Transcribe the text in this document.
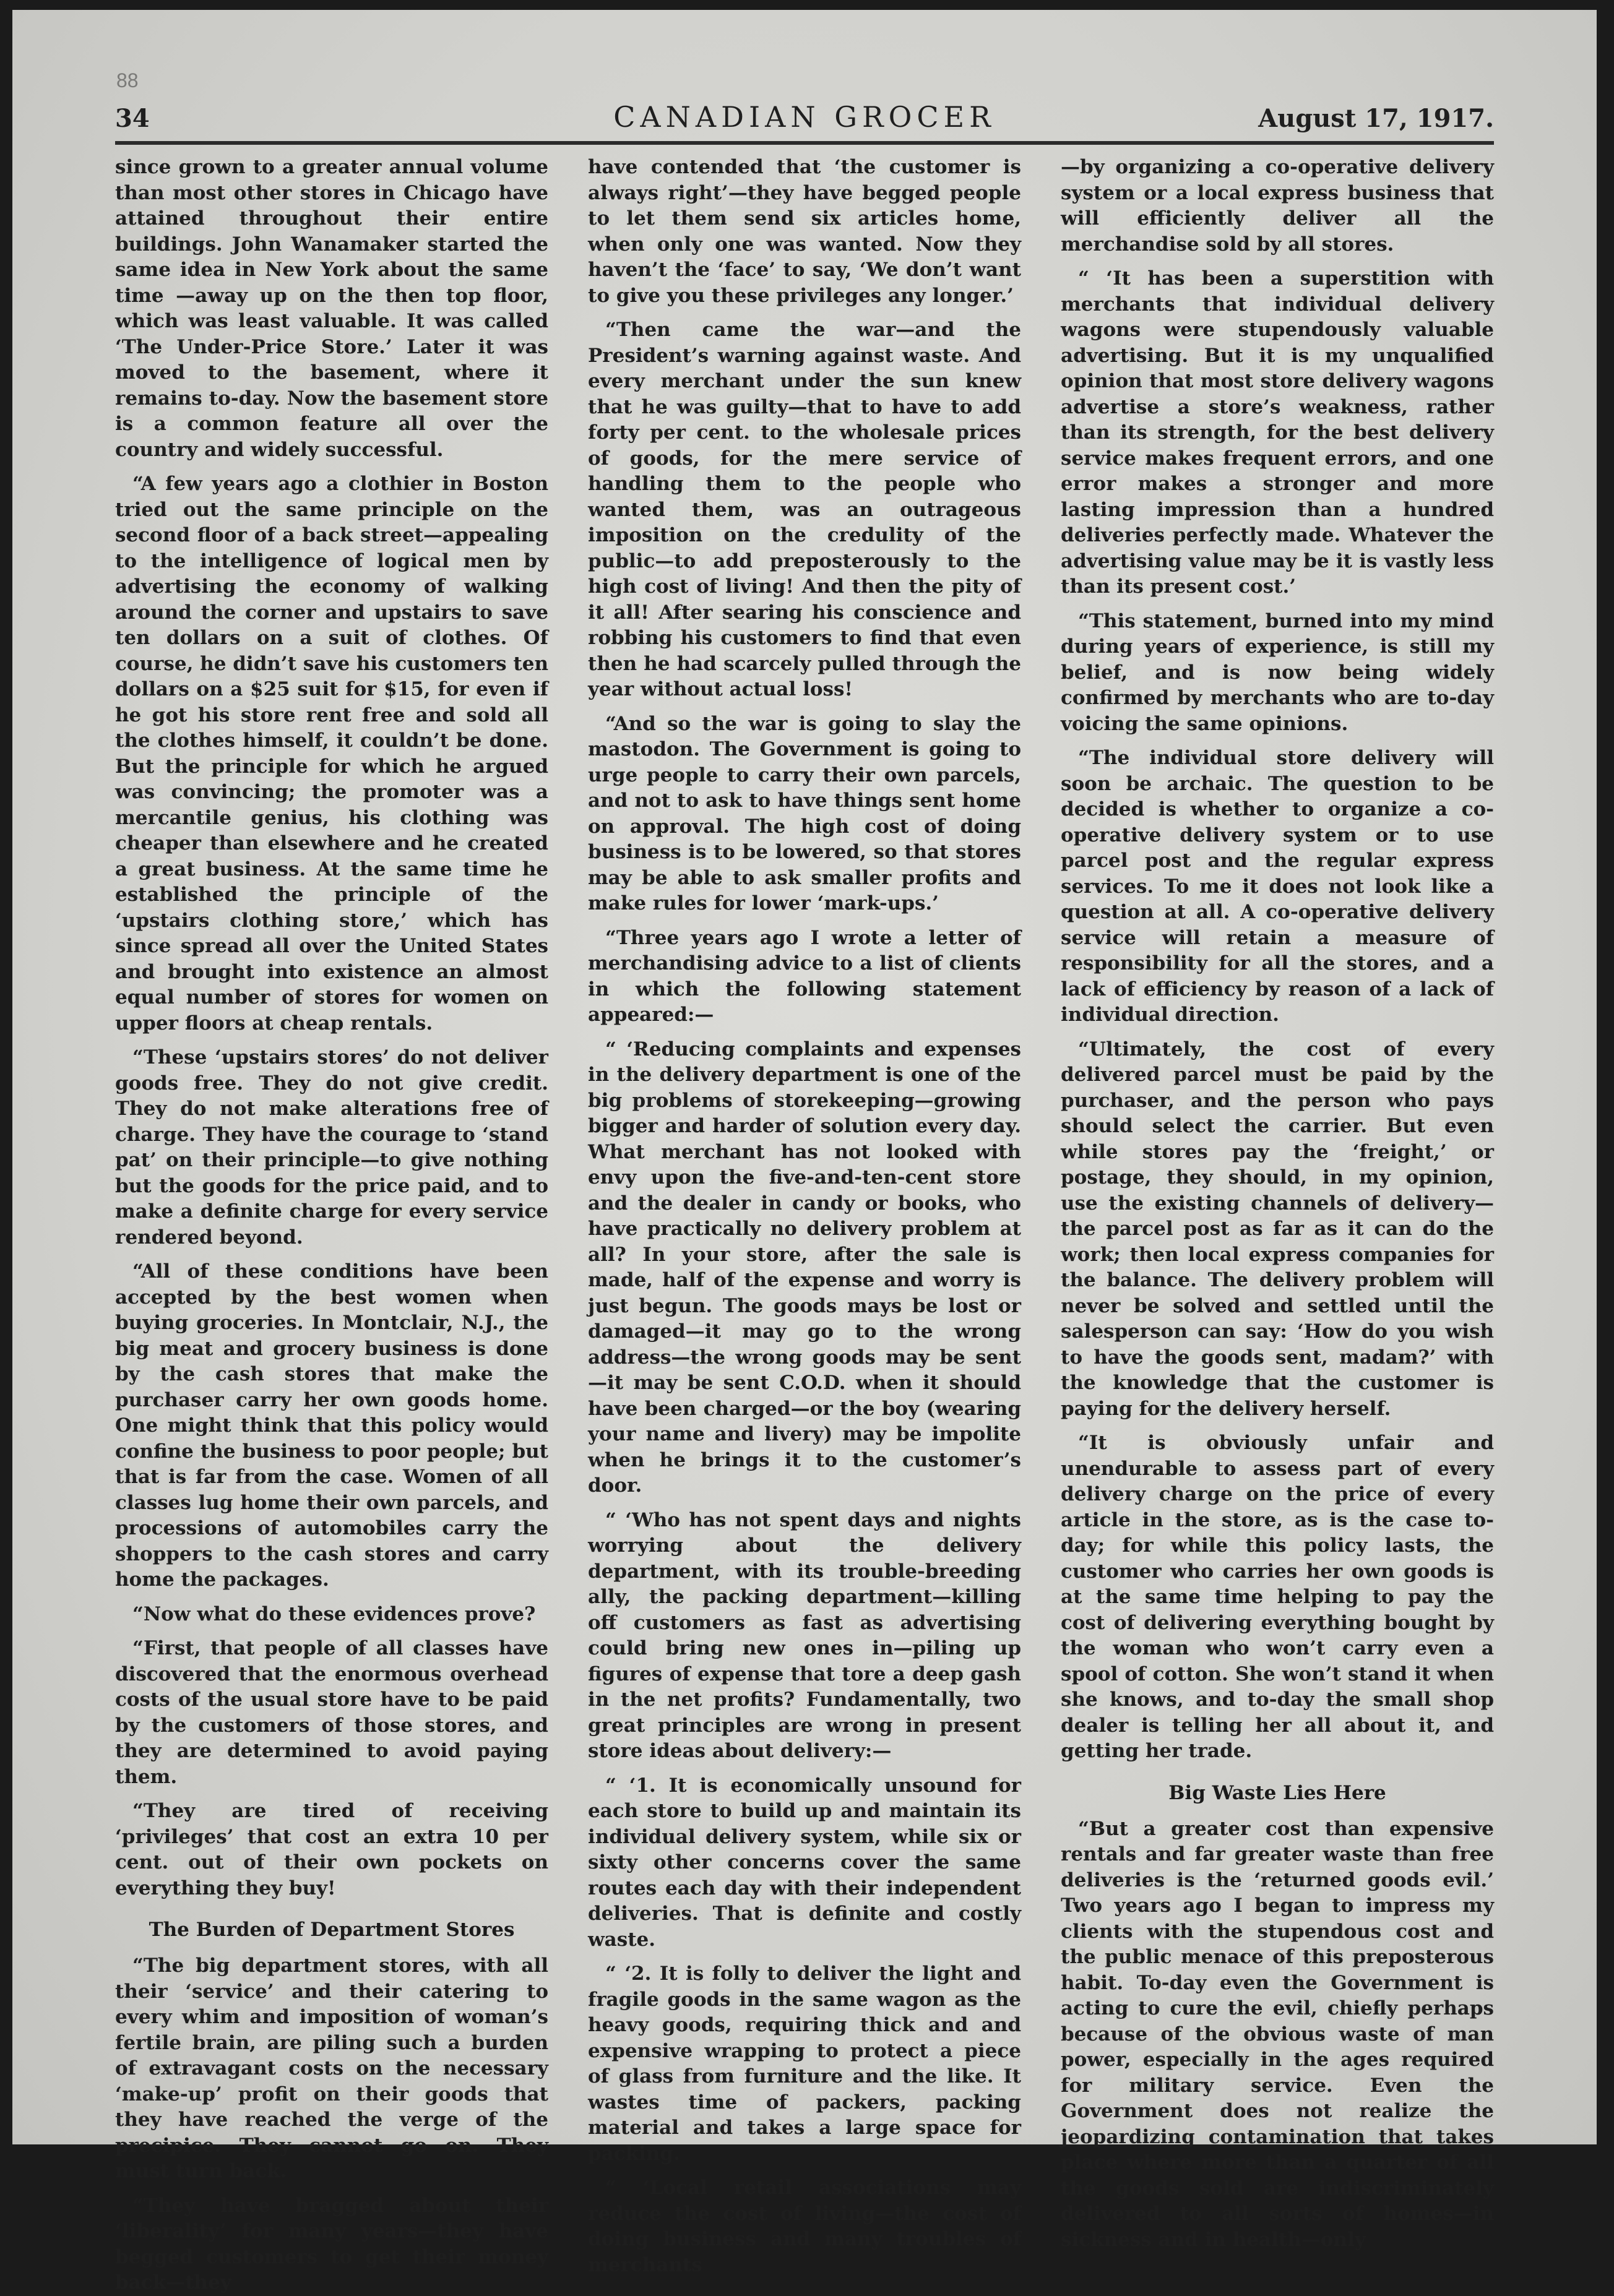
88
34	CANADIAN GROCER	August 17, 1917.

since grown to a greater annual volume than most other stores in Chicago have attained throughout their entire buildings. John Wanamaker started the same idea in New York about the same time —away up on the then top floor, which was least valuable. It was called ‘The Under-Price Store.’ Later it was moved to the basement, where it remains to-day. Now the basement store is a common feature all over the country and widely successful.

“A few years ago a clothier in Boston tried out the same principle on the second floor of a back street—appealing to the intelligence of logical men by advertising the economy of walking around the corner and upstairs to save ten dollars on a suit of clothes. Of course, he didn’t save his customers ten dollars on a $25 suit for $15, for even if he got his store rent free and sold all the clothes himself, it couldn’t be done. But the principle for which he argued was convincing; the promoter was a mercantile genius, his clothing was cheaper than elsewhere and he created a great business. At the same time he established the principle of the ‘upstairs clothing store,’ which has since spread all over the United States and brought into existence an almost equal number of stores for women on upper floors at cheap rentals.

“These ‘upstairs stores’ do not deliver goods free. They do not give credit. They do not make alterations free of charge. They have the courage to ‘stand pat’ on their principle—to give nothing but the goods for the price paid, and to make a definite charge for every service rendered beyond.

“All of these conditions have been accepted by the best women when buying groceries. In Montclair, N.J., the big meat and grocery business is done by the cash stores that make the purchaser carry her own goods home. One might think that this policy would confine the business to poor people; but that is far from the case. Women of all classes lug home their own parcels, and processions of automobiles carry the shoppers to the cash stores and carry home the packages.

“Now what do these evidences prove?

“First, that people of all classes have discovered that the enormous overhead costs of the usual store have to be paid by the customers of those stores, and they are determined to avoid paying them.

“They are tired of receiving ‘privileges’ that cost an extra 10 per cent. out of their own pockets on everything they buy!

The Burden of Department Stores

“The big department stores, with all their ‘service’ and their catering to every whim and imposition of woman’s fertile brain, are piling such a burden of extravagant costs on the necessary ‘make-up’ profit on their goods that they have reached the verge of the precipice. They cannot go on. They must turn back.

“They have bragged about their ‘liberality’ for many years—they have begged customers to get their money back—they

have contended that ‘the customer is always right’—they have begged people to let them send six articles home, when only one was wanted. Now they haven’t the ‘face’ to say, ‘We don’t want to give you these privileges any longer.’

“Then came the war—and the President’s warning against waste. And every merchant under the sun knew that he was guilty—that to have to add forty per cent. to the wholesale prices of goods, for the mere service of handling them to the people who wanted them, was an outrageous imposition on the credulity of the public—to add preposterously to the high cost of living! And then the pity of it all! After searing his conscience and robbing his customers to find that even then he had scarcely pulled through the year without actual loss!

“And so the war is going to slay the mastodon. The Government is going to urge people to carry their own parcels, and not to ask to have things sent home on approval. The high cost of doing business is to be lowered, so that stores may be able to ask smaller profits and make rules for lower ‘mark-ups.’

“Three years ago I wrote a letter of merchandising advice to a list of clients in which the following statement appeared:—

“ ‘Reducing complaints and expenses in the delivery department is one of the big problems of storekeeping—growing bigger and harder of solution every day. What merchant has not looked with envy upon the five-and-ten-cent store and the dealer in candy or books, who have practically no delivery problem at all? In your store, after the sale is made, half of the expense and worry is just begun. The goods mays be lost or damaged—it may go to the wrong address—the wrong goods may be sent—it may be sent C.O.D. when it should have been charged—or the boy (wearing your name and livery) may be impolite when he brings it to the customer’s door.

“ ‘Who has not spent days and nights worrying about the delivery department, with its trouble-breeding ally, the packing department—killing off customers as fast as advertising could bring new ones in—piling up figures of expense that tore a deep gash in the net profits? Fundamentally, two great principles are wrong in present store ideas about delivery:—

“ ‘1. It is economically unsound for each store to build up and maintain its individual delivery system, while six or sixty other concerns cover the same routes each day with their independent deliveries. That is definite and costly waste.

“ ‘2. It is folly to deliver the light and fragile goods in the same wagon as the heavy goods, requiring thick and and expensive wrapping to protect a piece of glass from furniture and the like. It wastes time of packers, packing material and takes a large space for packing.

“ ‘Local retail associations may reduce the cost of living—the cost of doing business and many troubles of merchants

—by organizing a co-operative delivery system or a local express business that will efficiently deliver all the merchandise sold by all stores.

“ ‘It has been a superstition with merchants that individual delivery wagons were stupendously valuable advertising. But it is my unqualified opinion that most store delivery wagons advertise a store’s weakness, rather than its strength, for the best delivery service makes frequent errors, and one error makes a stronger and more lasting impression than a hundred deliveries perfectly made. Whatever the advertising value may be it is vastly less than its present cost.’

“This statement, burned into my mind during years of experience, is still my belief, and is now being widely confirmed by merchants who are to-day voicing the same opinions.

“The individual store delivery will soon be archaic. The question to be decided is whether to organize a co-operative delivery system or to use parcel post and the regular express services. To me it does not look like a question at all. A co-operative delivery service will retain a measure of responsibility for all the stores, and a lack of efficiency by reason of a lack of individual direction.

“Ultimately, the cost of every delivered parcel must be paid by the purchaser, and the person who pays should select the carrier. But even while stores pay the ‘freight,’ or postage, they should, in my opinion, use the existing channels of delivery—the parcel post as far as it can do the work; then local express companies for the balance. The delivery problem will never be solved and settled until the salesperson can say: ‘How do you wish to have the goods sent, madam?’ with the knowledge that the customer is paying for the delivery herself.

“It is obviously unfair and unendurable to assess part of every delivery charge on the price of every article in the store, as is the case to-day; for while this policy lasts, the customer who carries her own goods is at the same time helping to pay the cost of delivering everything bought by the woman who won’t carry even a spool of cotton. She won’t stand it when she knows, and to-day the small shop dealer is telling her all about it, and getting her trade.

Big Waste Lies Here

“But a greater cost than expensive rentals and far greater waste than free deliveries is the ‘returned goods evil.’ Two years ago I began to impress my clients with the stupendous cost and the public menace of this preposterous habit. To-day even the Government is acting to cure the evil, chiefly perhaps because of the obvious waste of man power, especially in the ages required for military service. Even the Government does not realize the jeopardizing contamination that takes place where more than a quarter of all the goods sold are indiscriminately delivered to all sorts of homes—in sickness and in health—only
